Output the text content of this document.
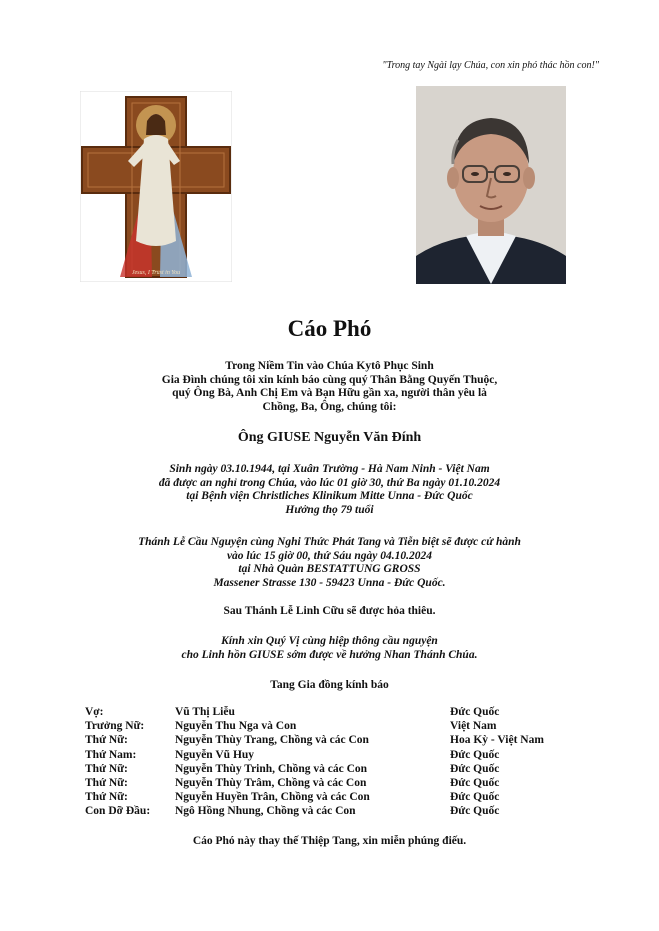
"Trong tay Ngài lạy Chúa, con xin phó thác hồn con!"
Jesus, I Trust in You
Cáo Phó
Trong Niềm Tin vào Chúa Kytô Phục Sinh
Gia Đình chúng tôi xin kính báo cùng quý Thân Bằng Quyến Thuộc,
quý Ông Bà, Anh Chị Em và Bạn Hữu gần xa, người thân yêu là
Chồng, Ba, Ông, chúng tôi:
Ông GIUSE Nguyễn Văn Đính
Sinh ngày 03.10.1944, tại Xuân Trường - Hà Nam Ninh - Việt Nam
đã được an nghỉ trong Chúa, vào lúc 01 giờ 30, thứ Ba ngày 01.10.2024
tại Bệnh viện Christliches Klinikum Mitte Unna - Đức Quốc
Hưởng thọ 79 tuổi
Thánh Lễ Cầu Nguyện cùng Nghi Thức Phát Tang và Tiễn biệt sẽ được cử hành
vào lúc 15 giờ 00, thứ Sáu ngày 04.10.2024
tại Nhà Quàn BESTATTUNG GROSS
Massener Strasse 130 - 59423 Unna - Đức Quốc.
Sau Thánh Lễ Linh Cữu sẽ được hỏa thiêu.
Kính xin Quý Vị cùng hiệp thông cầu nguyện
cho Linh hồn GIUSE sớm được về hưởng Nhan Thánh Chúa.
Tang Gia đồng kính báo
Vợ:	Vũ Thị Liễu	Đức Quốc
Trưởng Nữ:	Nguyễn Thu Nga và Con	Việt Nam
Thứ Nữ:	Nguyễn Thùy Trang, Chồng và các Con	Hoa Kỳ - Việt Nam
Thứ Nam:	Nguyễn Vũ Huy	Đức Quốc
Thứ Nữ:	Nguyễn Thùy Trinh, Chồng và các Con	Đức Quốc
Thứ Nữ:	Nguyễn Thùy Trâm, Chồng và các Con	Đức Quốc
Thứ Nữ:	Nguyễn Huyền Trân, Chồng và các Con	Đức Quốc
Con Dỡ Đầu:	Ngô Hồng Nhung, Chồng và các Con	Đức Quốc
Cáo Phó này thay thế Thiệp Tang, xin miễn phúng điếu.
